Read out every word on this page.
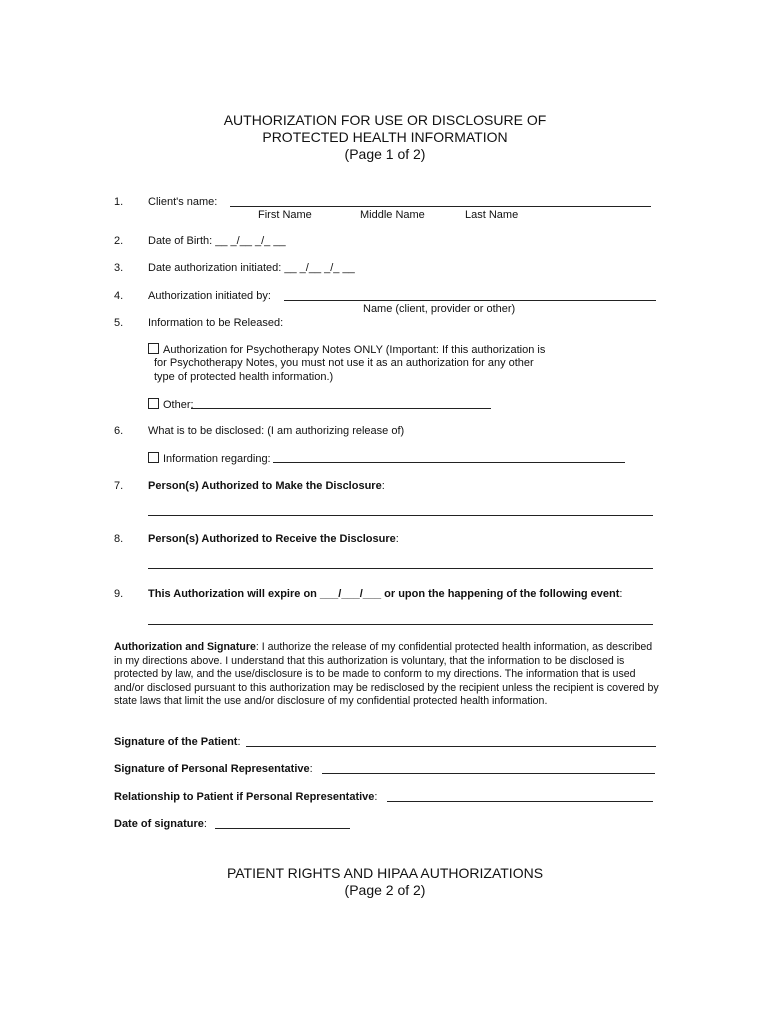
AUTHORIZATION FOR USE OR DISCLOSURE OF
PROTECTED HEALTH INFORMATION
(Page 1 of 2)
1. Client's name:
First Name	Middle Name	Last Name
2. Date of Birth: __ _/__ _/_ __
3. Date authorization initiated: __ _/__ _/_ __
4. Authorization initiated by:
Name (client, provider or other)
5. Information to be Released:
Authorization for Psychotherapy Notes ONLY (Important: If this authorization is
for Psychotherapy Notes, you must not use it as an authorization for any other
type of protected health information.)
Other:
6. What is to be disclosed: (I am authorizing release of)
Information regarding:
7. Person(s) Authorized to Make the Disclosure:
8. Person(s) Authorized to Receive the Disclosure:
9. This Authorization will expire on ___/___/___ or upon the happening of the following event:
Authorization and Signature: I authorize the release of my confidential protected health information, as described in my directions above. I understand that this authorization is voluntary, that the information to be disclosed is protected by law, and the use/disclosure is to be made to conform to my directions. The information that is used and/or disclosed pursuant to this authorization may be redisclosed by the recipient unless the recipient is covered by state laws that limit the use and/or disclosure of my confidential protected health information.
Signature of the Patient:
Signature of Personal Representative:
Relationship to Patient if Personal Representative:
Date of signature:
PATIENT RIGHTS AND HIPAA AUTHORIZATIONS
(Page 2 of 2)
